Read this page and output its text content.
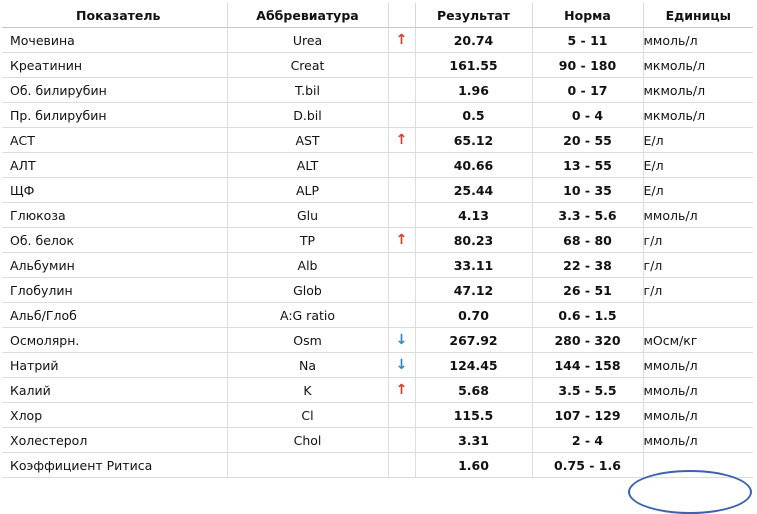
Показатель	Аббревиатура		Результат	Норма	Единицы
Мочевина	Urea	↑	20.74	5 - 11	ммоль/л
Креатинин	Creat		161.55	90 - 180	мкмоль/л
Об. билирубин	T.bil		1.96	0 - 17	мкмоль/л
Пр. билирубин	D.bil		0.5	0 - 4	мкмоль/л
АСТ	AST	↑	65.12	20 - 55	Е/л
АЛТ	ALT		40.66	13 - 55	Е/л
ЩФ	ALP		25.44	10 - 35	Е/л
Глюкоза	Glu		4.13	3.3 - 5.6	ммоль/л
Об. белок	TP	↑	80.23	68 - 80	г/л
Альбумин	Alb		33.11	22 - 38	г/л
Глобулин	Glob		47.12	26 - 51	г/л
Альб/Глоб	A:G ratio		0.70	0.6 - 1.5	
Осмолярн.	Osm	↓	267.92	280 - 320	мОсм/кг
Натрий	Na	↓	124.45	144 - 158	ммоль/л
Калий	K	↑	5.68	3.5 - 5.5	ммоль/л
Хлор	Cl		115.5	107 - 129	ммоль/л
Холестерол	Chol		3.31	2 - 4	ммоль/л
Коэффициент Ритиса			1.60	0.75 - 1.6	
